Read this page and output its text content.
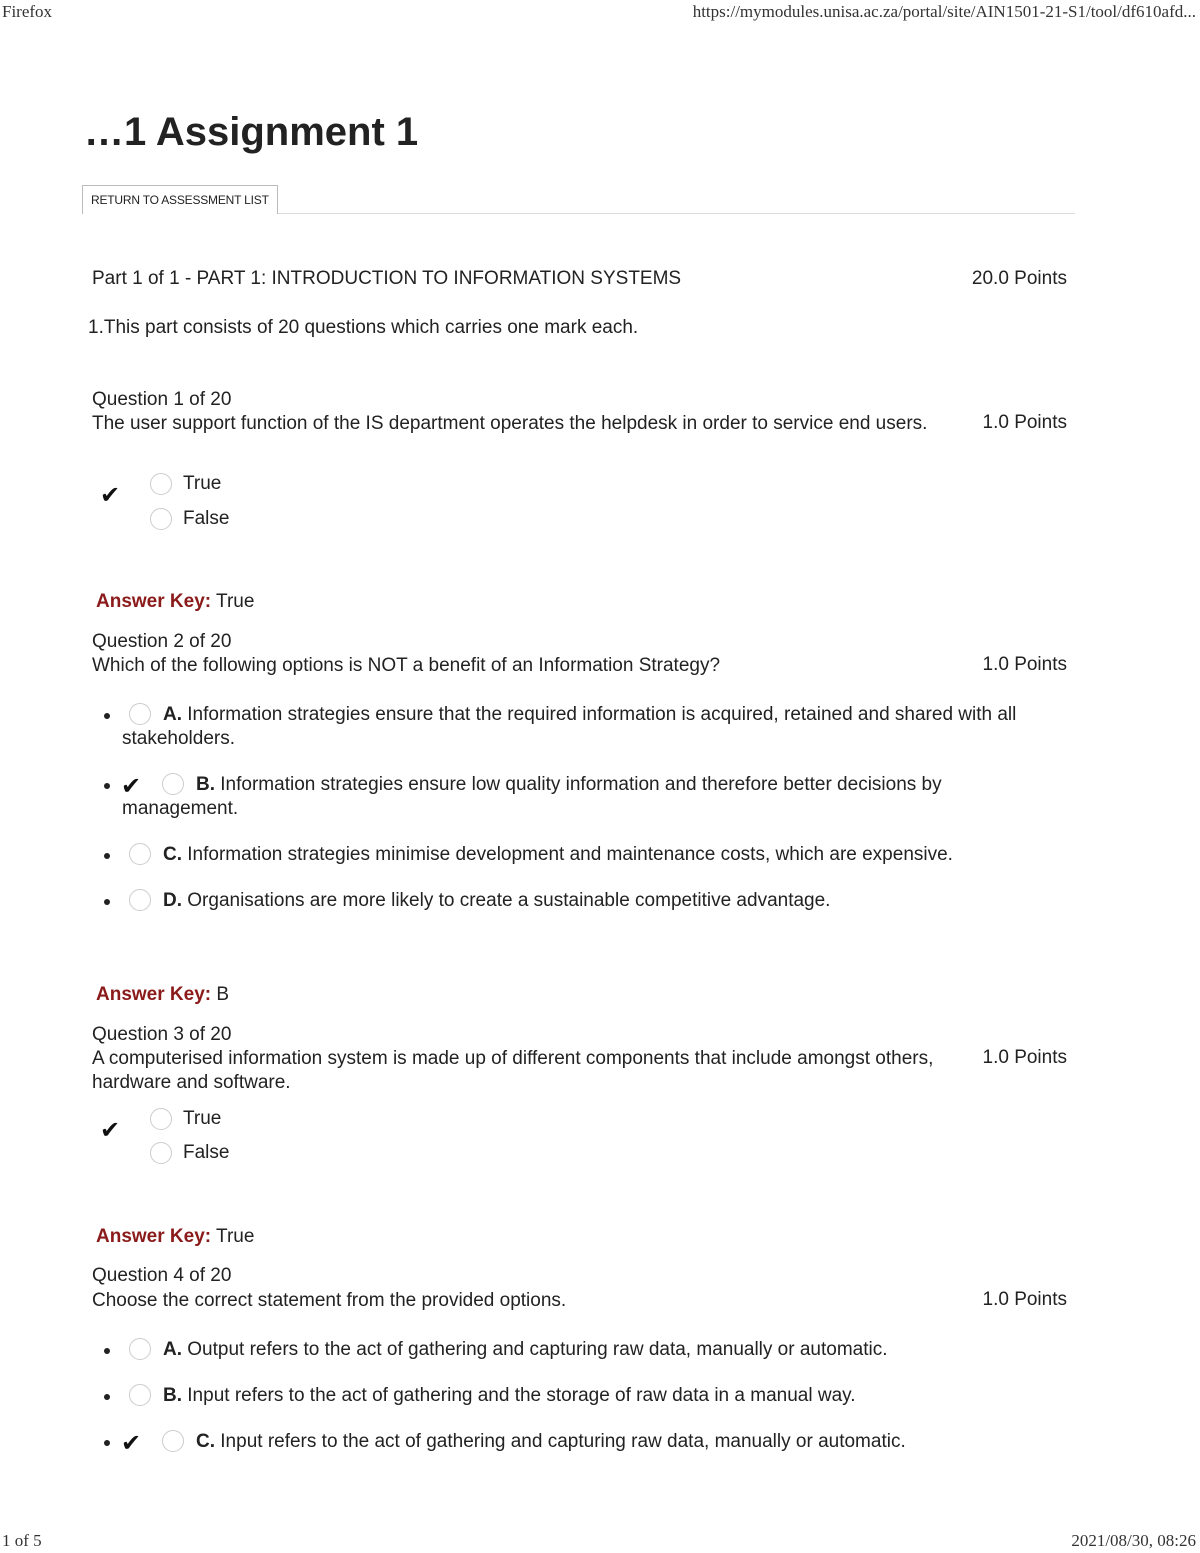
Firefox	https://mymodules.unisa.ac.za/portal/site/AIN1501-21-S1/tool/df610afd...
…1 Assignment 1
RETURN TO ASSESSMENT LIST
Part 1 of 1 - PART 1: INTRODUCTION TO INFORMATION SYSTEMS	20.0 Points
1.This part consists of 20 questions which carries one mark each.
Question 1 of 20
The user support function of the IS department operates the helpdesk in order to service end users.	1.0 Points
✔	True
False
Answer Key: True
Question 2 of 20
Which of the following options is NOT a benefit of an Information Strategy?	1.0 Points
A. Information strategies ensure that the required information is acquired, retained and shared with all stakeholders.
✔	B. Information strategies ensure low quality information and therefore better decisions by management.
C. Information strategies minimise development and maintenance costs, which are expensive.
D. Organisations are more likely to create a sustainable competitive advantage.
Answer Key: B
Question 3 of 20
A computerised information system is made up of different components that include amongst others, hardware and software.
1.0 Points
✔	True
False
Answer Key: True
Question 4 of 20
Choose the correct statement from the provided options.	1.0 Points
A. Output refers to the act of gathering and capturing raw data, manually or automatic.
B. Input refers to the act of gathering and the storage of raw data in a manual way.
✔	C. Input refers to the act of gathering and capturing raw data, manually or automatic.
1 of 5	2021/08/30, 08:26
